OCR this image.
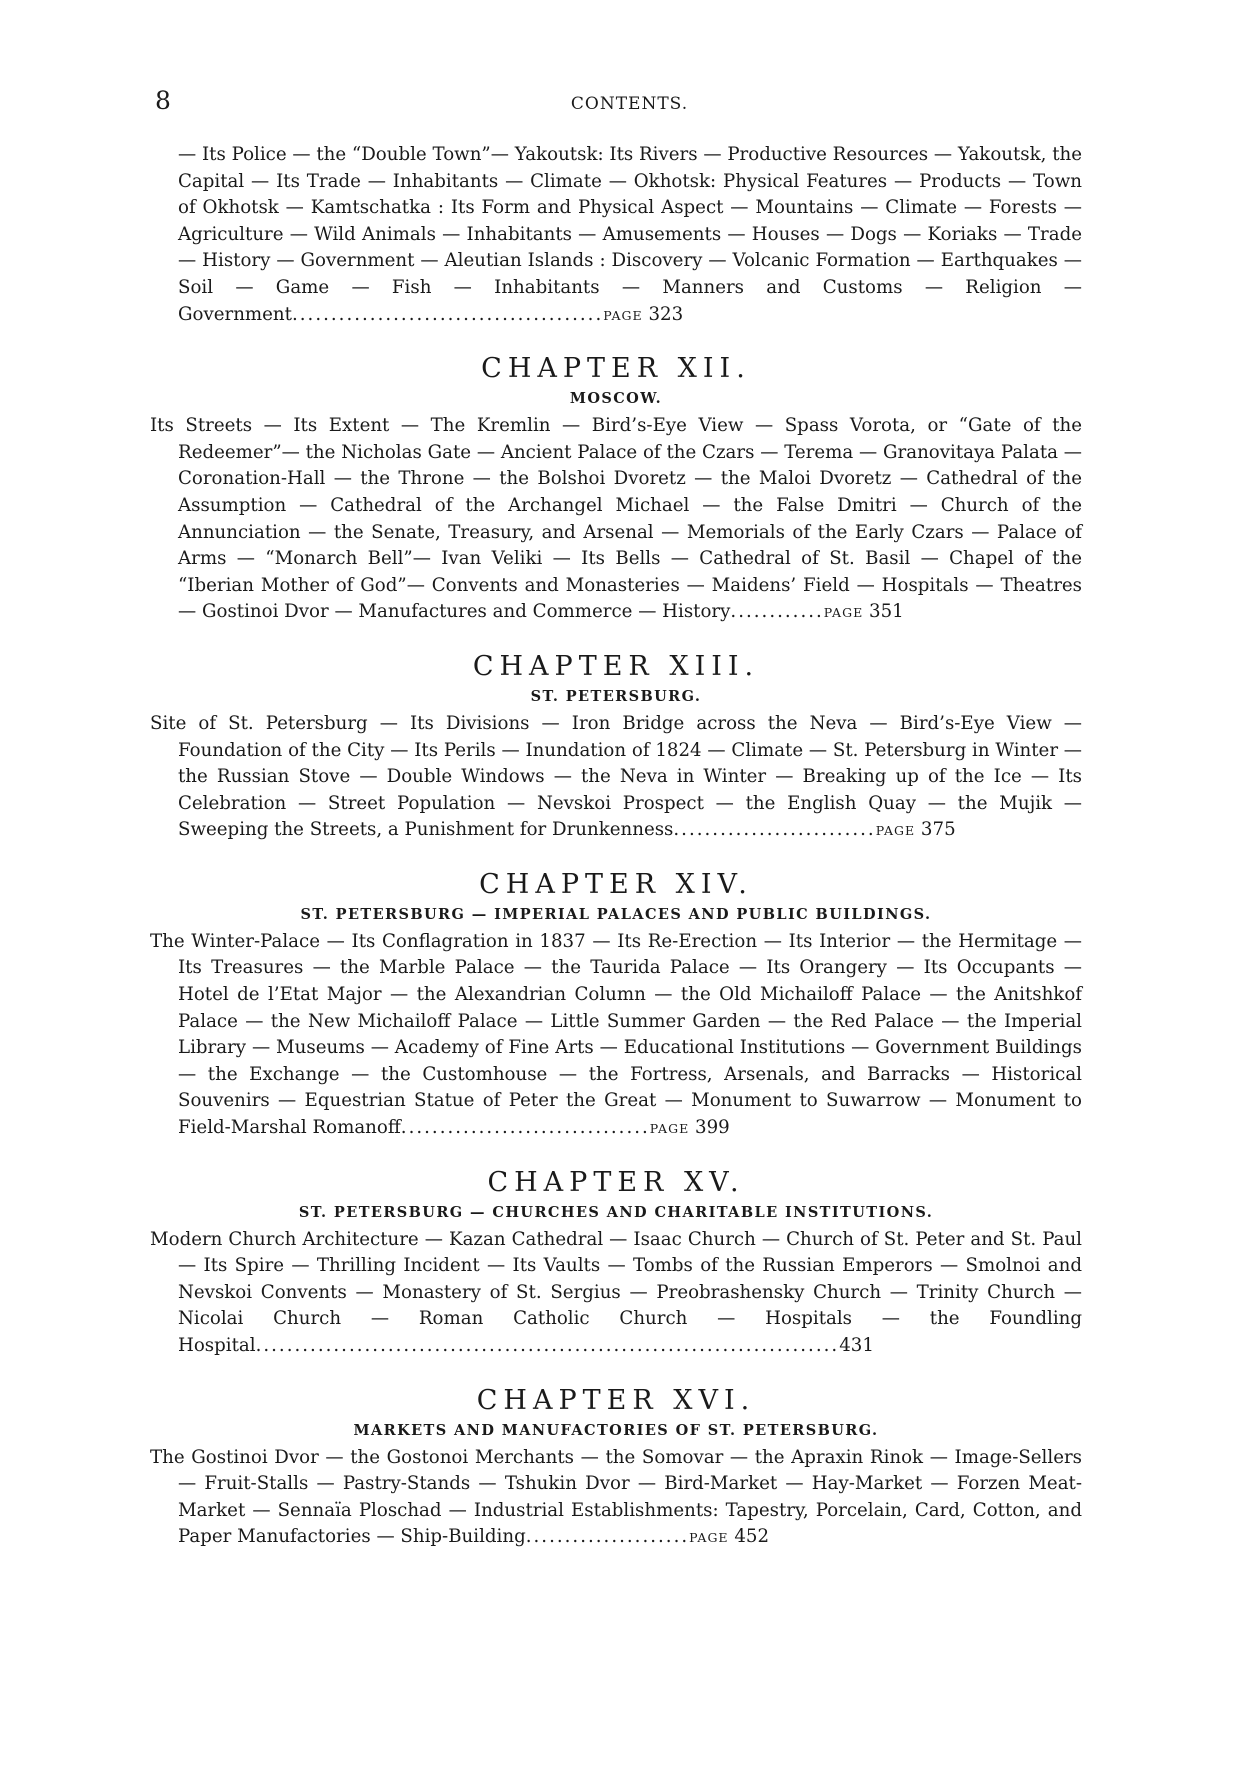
8	CONTENTS.

— Its Police — the “Double Town”— Yakoutsk: Its Rivers — Productive Resources — Yakoutsk, the Capital — Its Trade — Inhabitants — Climate — Okhotsk: Physical Features — Products — Town of Okhotsk — Kamtschatka : Its Form and Physical Aspect — Mountains — Climate — Forests — Agriculture — Wild Animals — Inhabitants — Amusements — Houses — Dogs — Koriaks — Trade — History — Government — Aleutian Islands : Discovery — Volcanic Formation — Earthquakes — Soil — Game — Fish — Inhabitants — Manners and Customs — Religion — Government........................................PAGE 323

CHAPTER XII.
MOSCOW.

Its Streets — Its Extent — The Kremlin — Bird’s-Eye View — Spass Vorota, or “Gate of the Redeemer”— the Nicholas Gate — Ancient Palace of the Czars — Terema — Granovitaya Palata — Coronation-Hall — the Throne — the Bolshoi Dvoretz — the Maloi Dvoretz — Cathedral of the Assumption — Cathedral of the Archangel Michael — the False Dmitri — Church of the Annunciation — the Senate, Treasury, and Arsenal — Memorials of the Early Czars — Palace of Arms — “Monarch Bell”— Ivan Veliki — Its Bells — Cathedral of St. Basil — Chapel of the “Iberian Mother of God”— Convents and Monasteries — Maidens’ Field — Hospitals — Theatres — Gostinoi Dvor — Manufactures and Commerce — History............PAGE 351

CHAPTER XIII.
ST. PETERSBURG.

Site of St. Petersburg — Its Divisions — Iron Bridge across the Neva — Bird’s-Eye View — Foundation of the City — Its Perils — Inundation of 1824 — Climate — St. Petersburg in Winter — the Russian Stove — Double Windows — the Neva in Winter — Breaking up of the Ice — Its Celebration — Street Population — Nevskoi Prospect — the English Quay — the Mujik — Sweeping the Streets, a Punishment for Drunkenness..........................PAGE 375

CHAPTER XIV.
ST. PETERSBURG — IMPERIAL PALACES AND PUBLIC BUILDINGS.

The Winter-Palace — Its Conflagration in 1837 — Its Re-Erection — Its Interior — the Hermitage — Its Treasures — the Marble Palace — the Taurida Palace — Its Orangery — Its Occupants — Hotel de l’Etat Major — the Alexandrian Column — the Old Michailoff Palace — the Anitshkof Palace — the New Michailoff Palace — Little Summer Garden — the Red Palace — the Imperial Library — Museums — Academy of Fine Arts — Educational Institutions — Government Buildings — the Exchange — the Customhouse — the Fortress, Arsenals, and Barracks — Historical Souvenirs — Equestrian Statue of Peter the Great — Monument to Suwarrow — Monument to Field-Marshal Romanoff................................PAGE 399

CHAPTER XV.
ST. PETERSBURG — CHURCHES AND CHARITABLE INSTITUTIONS.

Modern Church Architecture — Kazan Cathedral — Isaac Church — Church of St. Peter and St. Paul — Its Spire — Thrilling Incident — Its Vaults — Tombs of the Russian Emperors — Smolnoi and Nevskoi Convents — Monastery of St. Sergius — Preobrashensky Church — Trinity Church — Nicolai Church — Roman Catholic Church — Hospitals — the Foundling Hospital...........................................................................431

CHAPTER XVI.
MARKETS AND MANUFACTORIES OF ST. PETERSBURG.

The Gostinoi Dvor — the Gostonoi Merchants — the Somovar — the Apraxin Rinok — Image-Sellers — Fruit-Stalls — Pastry-Stands — Tshukin Dvor — Bird-Market — Hay-Market — Forzen Meat-Market — Sennaïa Ploschad — Industrial Establishments: Tapestry, Porcelain, Card, Cotton, and Paper Manufactories — Ship-Building.....................PAGE 452
